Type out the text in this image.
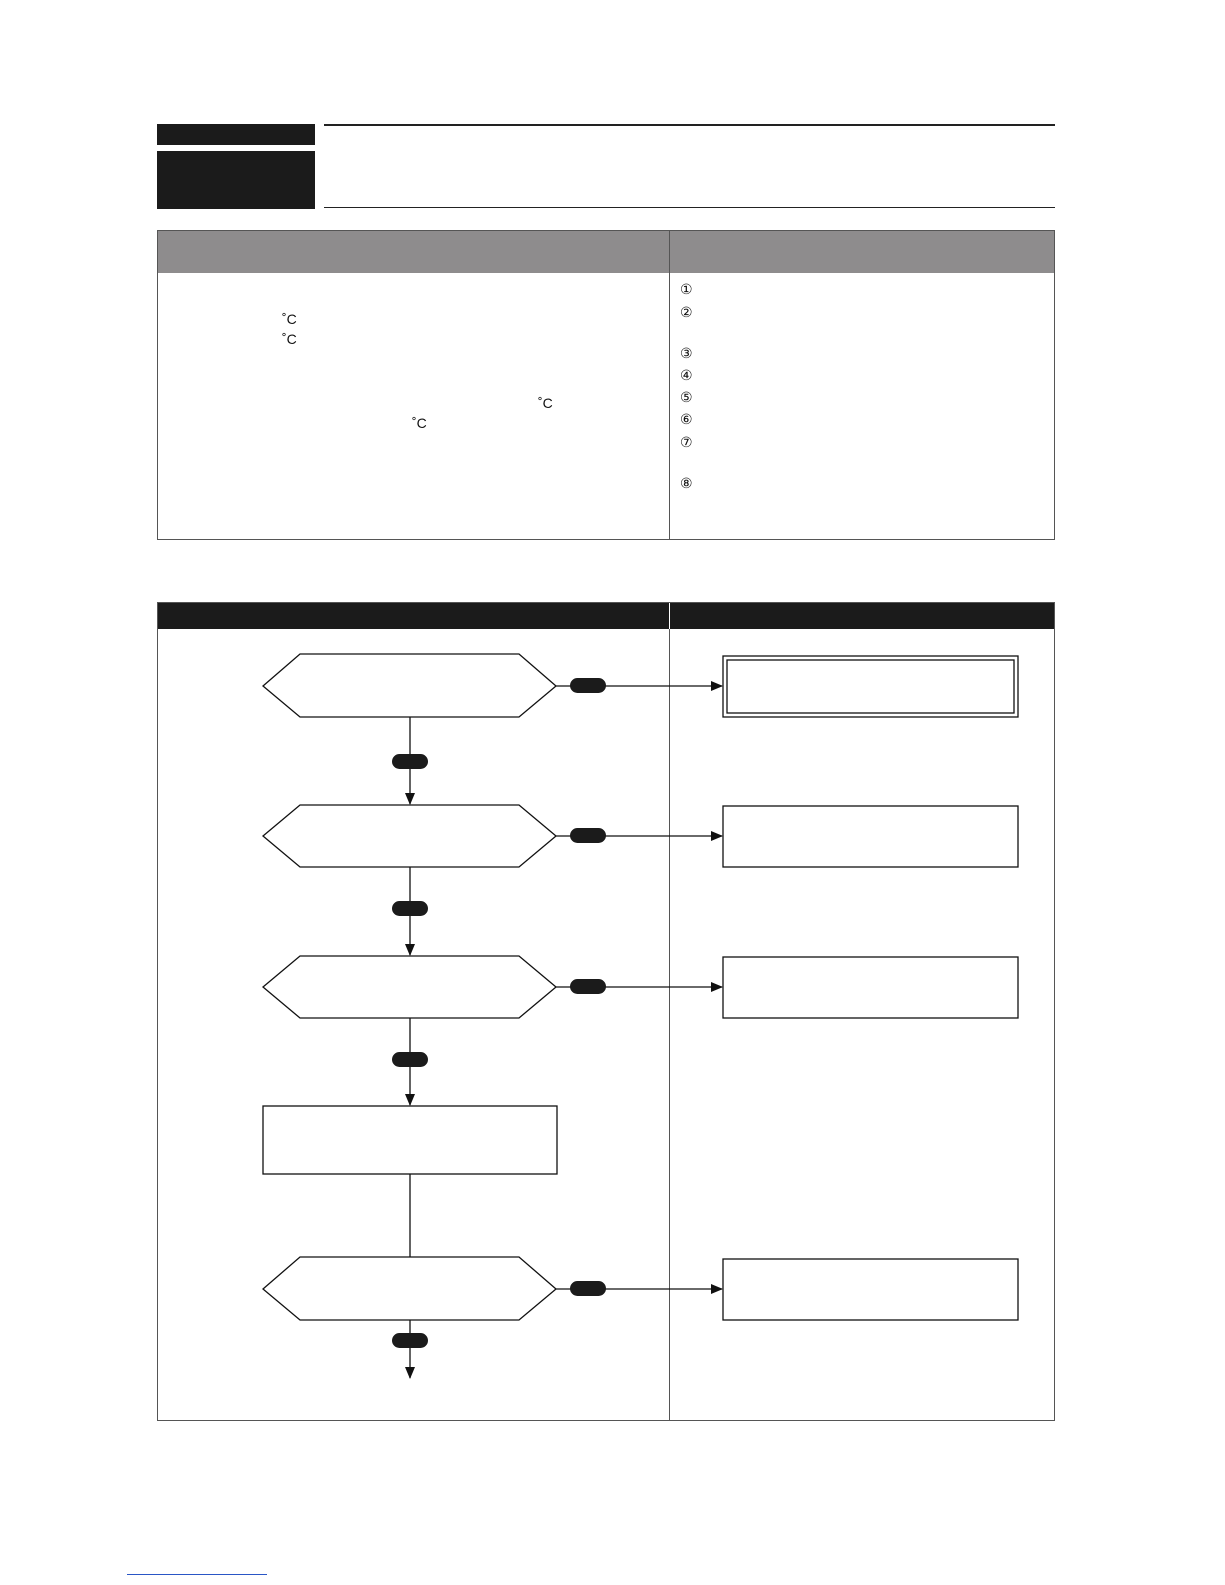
˚C
˚C
˚C
˚C
①
②
③
④
⑤
⑥
⑦
⑧
